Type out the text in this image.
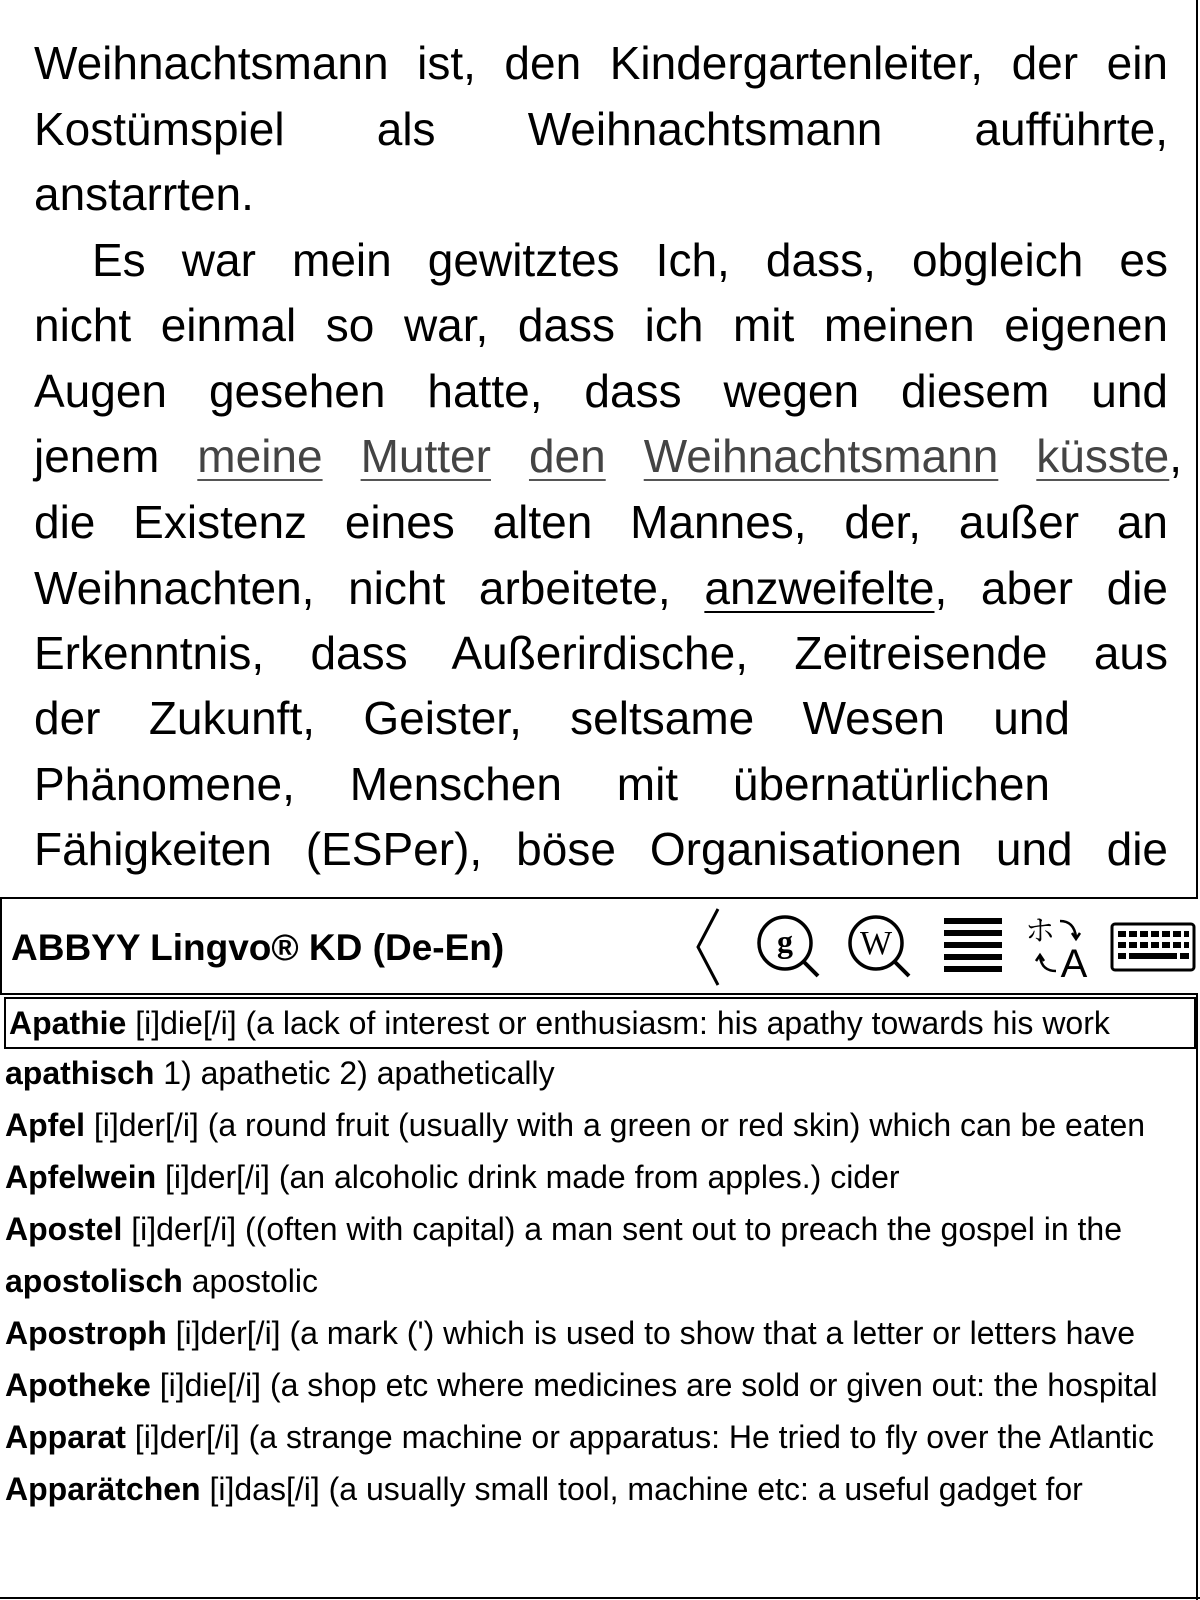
Weihnachtsmann ist, den Kindergartenleiter, der ein
Kostümspiel als Weihnachtsmann aufführte,
anstarrten.
Es war mein gewitztes Ich, dass, obgleich es
nicht einmal so war, dass ich mit meinen eigenen
Augen gesehen hatte, dass wegen diesem und
jenem meine Mutter den Weihnachtsmann küsste,
die Existenz eines alten Mannes, der, außer an
Weihnachten, nicht arbeitete, anzweifelte, aber die
Erkenntnis, dass Außerirdische, Zeitreisende aus
der Zukunft, Geister, seltsame Wesen und
Phänomene, Menschen mit übernatürlichen
Fähigkeiten (ESPer), böse Organisationen und die
ABBYY Lingvo® KD (De-En)	g W	ホ
A
Apathie [i]die[/i] (a lack of interest or enthusiasm: his apathy towards his work
apathisch 1) apathetic 2) apathetically
Apfel [i]der[/i] (a round fruit (usually with a green or red skin) which can be eaten
Apfelwein [i]der[/i] (an alcoholic drink made from apples.) cider
Apostel [i]der[/i] ((often with capital) a man sent out to preach the gospel in the
apostolisch apostolic
Apostroph [i]der[/i] (a mark (') which is used to show that a letter or letters have
Apotheke [i]die[/i] (a shop etc where medicines are sold or given out: the hospital
Apparat [i]der[/i] (a strange machine or apparatus: He tried to fly over the Atlantic
Apparätchen [i]das[/i] (a usually small tool, machine etc: a useful gadget for
